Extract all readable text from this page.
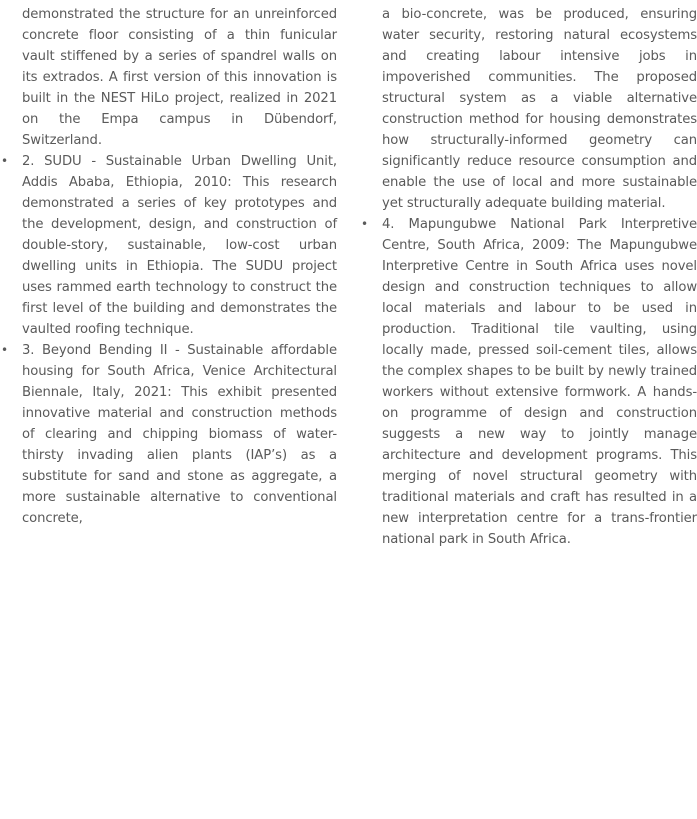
demonstrated the structure for an unreinforced concrete floor consisting of a thin funicular vault stiffened by a series of spandrel walls on its extrados. A first version of this innovation is built in the NEST HiLo project, realized in 2021 on the Empa campus in Dübendorf, Switzerland.

• 2. SUDU - Sustainable Urban Dwelling Unit, Addis Ababa, Ethiopia, 2010: This research demonstrated a series of key prototypes and the development, design, and construction of double-story, sustainable, low-cost urban dwelling units in Ethiopia. The SUDU project uses rammed earth technology to construct the first level of the building and demonstrates the vaulted roofing technique.

• 3. Beyond Bending II - Sustainable affordable housing for South Africa, Venice Architectural Biennale, Italy, 2021: This exhibit presented innovative material and construction methods of clearing and chipping biomass of water-thirsty invading alien plants (IAP’s) as a substitute for sand and stone as aggregate, a more sustainable alternative to conventional concrete,

a bio-concrete, was be produced, ensuring water security, restoring natural ecosystems and creating labour intensive jobs in impoverished communities. The proposed structural system as a viable alternative construction method for housing demonstrates how structurally-informed geometry can significantly reduce resource consumption and enable the use of local and more sustainable yet structurally adequate building material.

• 4. Mapungubwe National Park Interpretive Centre, South Africa, 2009: The Mapungubwe Interpretive Centre in South Africa uses novel design and construction techniques to allow local materials and labour to be used in production. Traditional tile vaulting, using locally made, pressed soil-cement tiles, allows the complex shapes to be built by newly trained workers without extensive formwork. A hands-on programme of design and construction suggests a new way to jointly manage architecture and development programs. This merging of novel structural geometry with traditional materials and craft has resulted in a new interpretation centre for a trans-frontier national park in South Africa.
